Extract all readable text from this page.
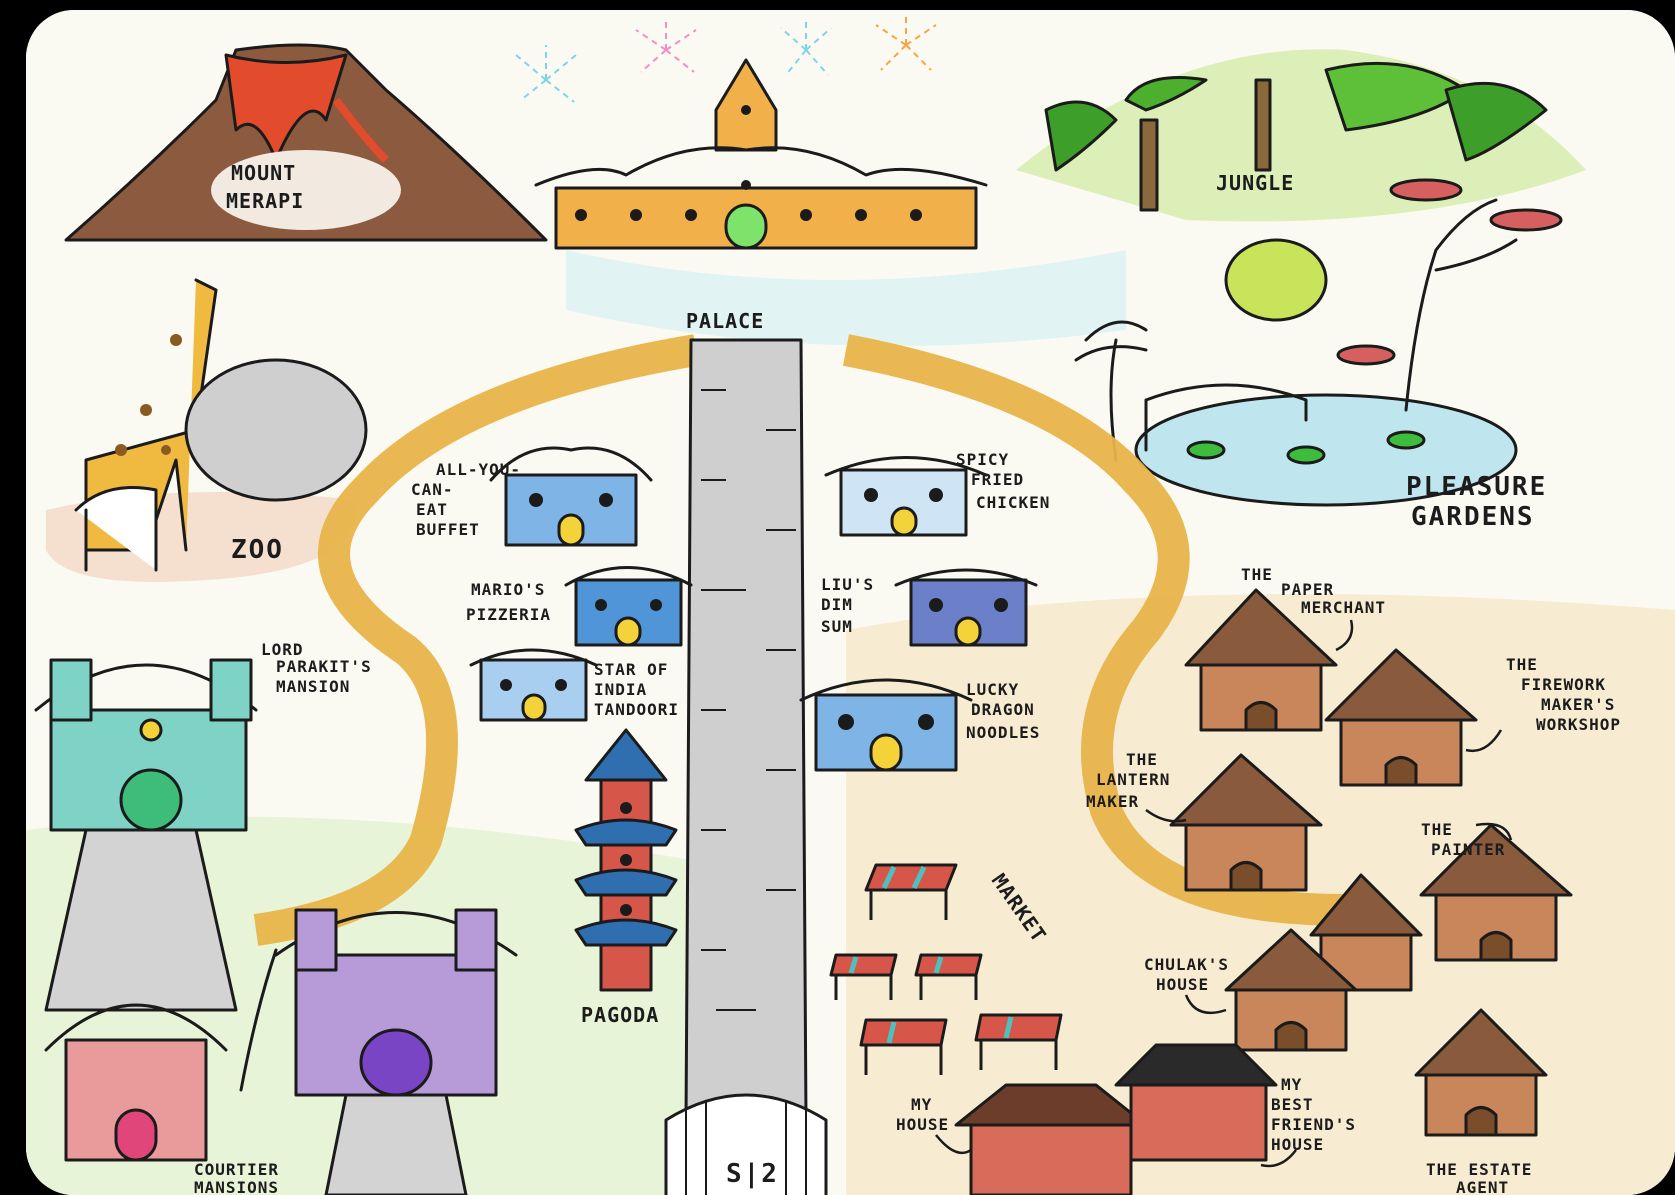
MOUNT
MERAPI
PALACE
JUNGLE
PLEASURE
GARDENS
ZOO
S|2
ALL-YOU-
CAN-
EAT
BUFFET
MARIO'S
PIZZERIA
STAR OF
INDIA
TANDOORI
SPICY
FRIED
CHICKEN
LIU'S
DIM
SUM
LUCKY
DRAGON
NOODLES
PAGODA
LORD
PARAKIT'S
MANSION
COURTIER
MANSIONS
MARKET
THE
PAPER
MERCHANT
THE
FIREWORK
MAKER'S
WORKSHOP
THE
LANTERN
MAKER
THE
PAINTER
CHULAK'S
HOUSE
MY
HOUSE
MY
BEST
FRIEND'S
HOUSE
THE ESTATE
AGENT
